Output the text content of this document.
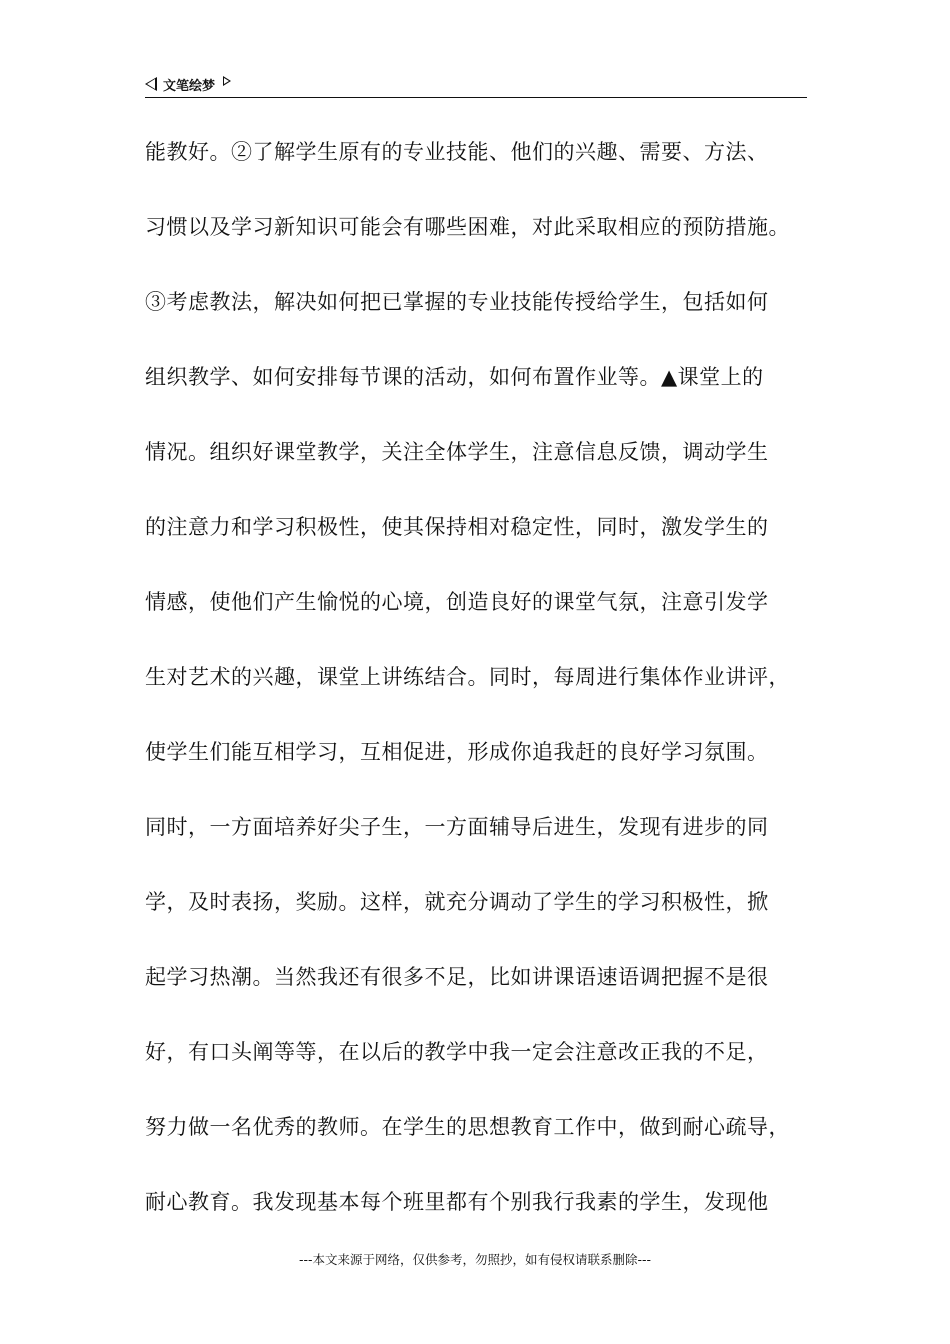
文笔绘梦
能教好。②了解学生原有的专业技能、他们的兴趣、需要、方法、
习惯以及学习新知识可能会有哪些困难，对此采取相应的预防措施。
③考虑教法，解决如何把已掌握的专业技能传授给学生，包括如何
组织教学、如何安排每节课的活动，如何布置作业等。▲课堂上的
情况。组织好课堂教学，关注全体学生，注意信息反馈，调动学生
的注意力和学习积极性，使其保持相对稳定性，同时，激发学生的
情感，使他们产生愉悦的心境，创造良好的课堂气氛，注意引发学
生对艺术的兴趣，课堂上讲练结合。同时，每周进行集体作业讲评，
使学生们能互相学习，互相促进，形成你追我赶的良好学习氛围。
同时，一方面培养好尖子生，一方面辅导后进生，发现有进步的同
学，及时表扬，奖励。这样，就充分调动了学生的学习积极性，掀
起学习热潮。当然我还有很多不足，比如讲课语速语调把握不是很
好，有口头阐等等，在以后的教学中我一定会注意改正我的不足，
努力做一名优秀的教师。在学生的思想教育工作中，做到耐心疏导，
耐心教育。我发现基本每个班里都有个别我行我素的学生，发现他
---本文来源于网络，仅供参考，勿照抄，如有侵权请联系删除---
